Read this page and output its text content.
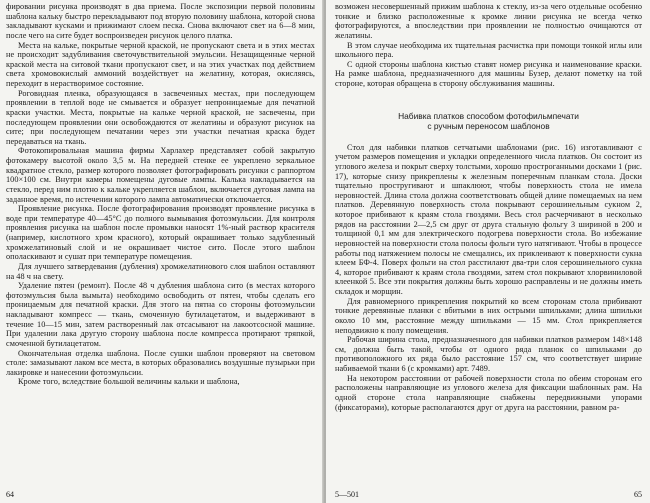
фировании рисунка производят в два приема. После экспозиции первой половины шаблона кальку быстро перекладывают под вторую половину шаблона, которой снова закладывают кусками и прижимают слоем песка. Снова включают свет на 6—8 мин, после чего на сите будет воспроизведен рисунок целого платка.

Места на кальке, покрытые черной краской, не пропускают света и в этих местах не происходит задубливания светочувствительной эмульсии. Незащищенные черной краской места на ситовой ткани пропускают свет, и на этих участках под действием света хромовокислый аммоний воздействует на желатину, которая, окисляясь, переходит в нерастворимое состояние.

Роговидная пленка, образующаяся в засвеченных местах, при последующем проявлении в теплой воде не смывается и образует непроницаемые для печатной краски участки. Места, покрытые на кальке черной краской, не засвечены, при последующем проявлении они освобождаются от желатины и образуют рисунок на сите; при последующем печатании через эти участки печатная краска будет передаваться на ткань.

Фотокопировальная машина фирмы Харлахер представляет собой закрытую фотокамеру высотой около 3,5 м. На передней стенке ее укреплено зеркальное квадратное стекло, размер которого позволяет фотографировать рисунки с раппортом 100×100 см. Внутри камеры помещены дуговые лампы. Калька накладывается на стекло, перед ним плотно к кальке укрепляется шаблон, включается дуговая лампа на заданное время, по истечении которого лампа автоматически отключается.

Проявление рисунка. После фотографирования производят проявление рисунка в воде при температуре 40—45°С до полного вымывания фотоэмульсии. Для контроля проявления рисунка на шаблон после промывки наносят 1%-ный раствор красителя (например, кислотного хром красного), который окрашивает только задубленный хромжелатиновый слой и не окрашивает чистое сито. После этого шаблон ополаскивают и сушат при температуре помещения.

Для лучшего затвердевания (дубления) хромжелатинового слоя шаблон оставляют на 48 ч на свету.

Удаление пятен (ремонт). После 48 ч дубления шаблона сито (в местах которого фотоэмульсия была вымыта) необходимо освободить от пятен, чтобы сделать его проницаемым для печатной краски. Для этого на пятна со стороны фотоэмульсии накладывают компресс — ткань, смоченную бутилацетатом, и выдерживают в течение 10—15 мин, затем растворенный лак отсасывают на лакоотсосной машине. При удалении лака другую сторону шаблона после компресса протирают тряпкой, смоченной бутилацетатом.

Окончательная отделка шаблона. После сушки шаблон проверяют на световом столе: замазывают лаком все места, в которых образовались воздушные пузырьки при лакировке и нанесении фотоэмульсии.

Кроме того, вследствие большой величины кальки и шаблона,

64

возможен несовершенный прижим шаблона к стеклу, из-за чего отдельные особенно тонкие и близко расположенные к кромке линии рисунка не всегда четко фотографируются, а впоследствии при проявлении не полностью очищаются от желатины.

В этом случае необходима их тщательная расчистка при помощи тонкой иглы или школьного пера.

С одной стороны шаблона кистью ставят номер рисунка и наименование краски. На рамке шаблона, предназначенного для машины Бузер, делают пометку на той стороне, которая обращена в сторону обслуживания машины.

Набивка платков способом фотофильмпечати
с ручным переносом шаблонов

Стол для набивки платков сетчатыми шаблонами (рис. 16) изготавливают с учетом размеров помещения и укладки определенного числа платков. Он состоит из углового железа и покрыт сверху толстыми, хорошо простроганными досками 1 (рис. 17), которые снизу прикреплены к железным поперечным планкам стола. Доски тщательно простругивают и шпаклюют, чтобы поверхность стола не имела неровностей. Длина стола должна соответствовать общей длине помещаемых на нем платков. Деревянную поверхность стола покрывают серошинельным сукном 2, которое прибивают к краям стола гвоздями. Весь стол расчерчивают в несколько рядов на расстоянии 2—2,5 см друг от друга стальную фольгу 3 шириной в 200 и толщиной 0,1 мм для электрического подогрева поверхности стола. Во избежание неровностей на поверхности стола полосы фольги туго натягивают. Чтобы в процессе работы под натяжением полосы не смещались, их приклеивают к поверхности сукна клеем БФ-4. Поверх фольги на стол расстилают два-три слоя серошинельного сукна 4, которое прибивают к краям стола гвоздями, затем стол покрывают хлорвиниловой клеенкой 5. Все эти покрытия должны быть хорошо расправлены и не должны иметь складок и морщин.

Для равномерного прикрепления покрытий ко всем сторонам стола прибивают тонкие деревянные планки с вбитыми в них острыми шпильками; длина шпильки около 10 мм, расстояние между шпильками — 15 мм. Стол прикрепляется неподвижно к полу помещения.

Рабочая ширина стола, предназначенного для набивки платков размером 148×148 см, должна быть такой, чтобы от одного ряда планок со шпильками до противоположного их ряда было расстояние 157 см, что соответствует ширине набиваемой ткани 6 (с кромками) арт. 7489.

На некотором расстоянии от рабочей поверхности стола по обеим сторонам его расположены направляющие из углового железа для фиксации шаблонных рам. На одной стороне стола направляющие снабжены передвижными упорами (фиксаторами), которые располагаются друг от друга на расстоянии, равном ра-

5—501	65
